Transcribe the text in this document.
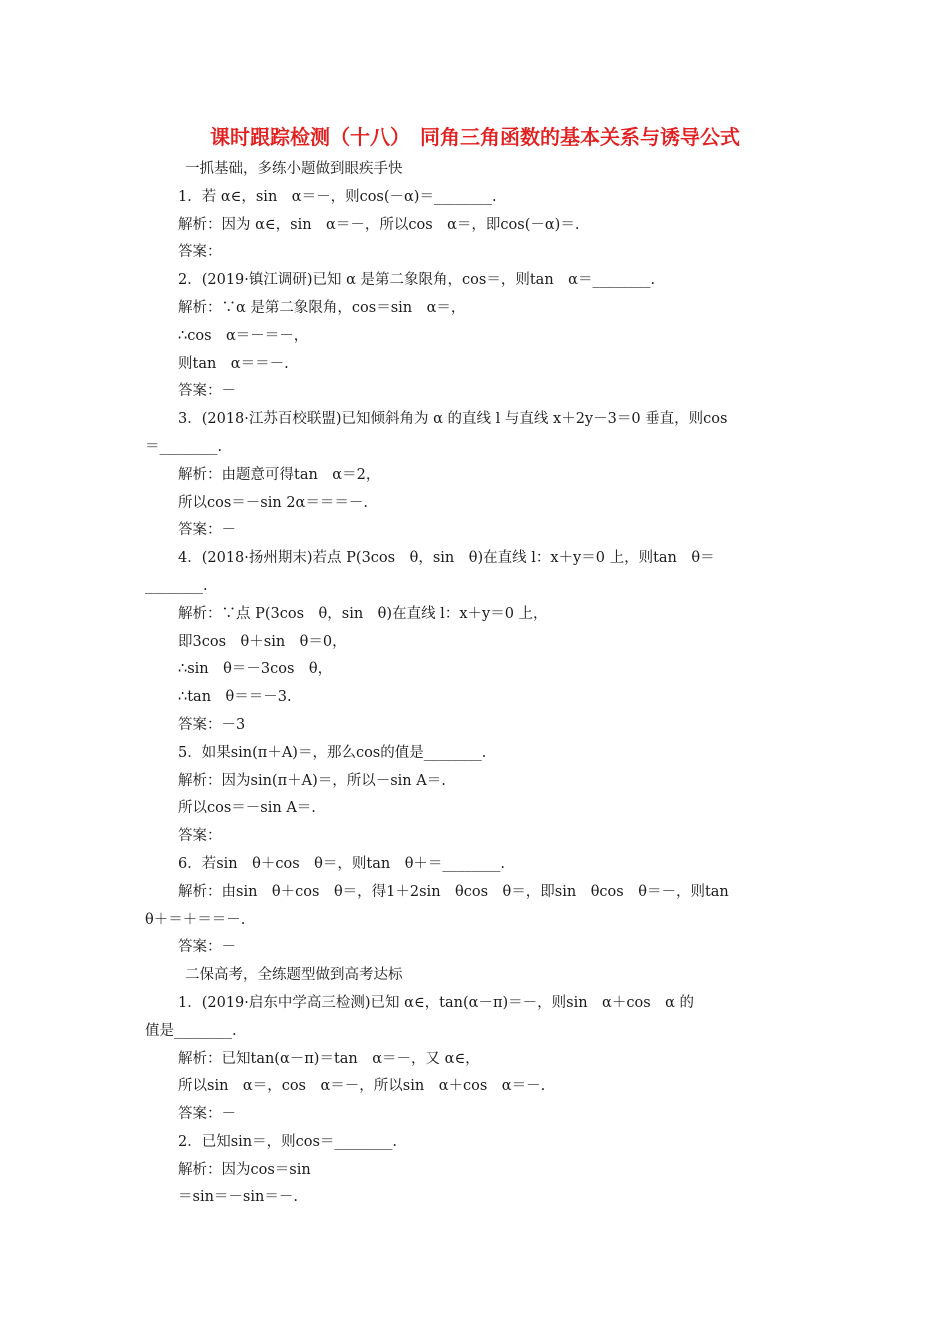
课时跟踪检测（十八）　同角三角函数的基本关系与诱导公式
一抓基础，多练小题做到眼疾手快
1．若 α∈，sin　α＝－，则cos(－α)＝________.
解析：因为 α∈，sin　α＝－，所以cos　α＝，即cos(－α)＝.
答案：
2．(2019·镇江调研)已知 α 是第二象限角，cos＝，则tan　α＝________.
解析：∵α 是第二象限角，cos＝sin　α＝，
∴cos　α＝－＝－，
则tan　α＝＝－.
答案：－
3．(2018·江苏百校联盟)已知倾斜角为 α 的直线 l 与直线 x＋2y－3＝0 垂直，则cos
＝________.
解析：由题意可得tan　α＝2，
所以cos＝－sin 2α＝＝＝－.
答案：－
4．(2018·扬州期末)若点 P(3cos　θ，sin　θ)在直线 l：x＋y＝0 上，则tan　θ＝
________.
解析：∵点 P(3cos　θ，sin　θ)在直线 l：x＋y＝0 上，
即3cos　θ＋sin　θ＝0，
∴sin　θ＝－3cos　θ，
∴tan　θ＝＝－3.
答案：－3
5．如果sin(π＋A)＝，那么cos的值是________.
解析：因为sin(π＋A)＝，所以－sin A＝.
所以cos＝－sin A＝.
答案：
6．若sin　θ＋cos　θ＝，则tan　θ＋＝________.
解析：由sin　θ＋cos　θ＝，得1＋2sin　θcos　θ＝，即sin　θcos　θ＝－，则tan
θ＋＝＋＝＝－.
答案：－
二保高考，全练题型做到高考达标
1．(2019·启东中学高三检测)已知 α∈，tan(α－π)＝－，则sin　α＋cos　α 的
值是________.
解析：已知tan(α－π)＝tan　α＝－，又 α∈，
所以sin　α＝，cos　α＝－，所以sin　α＋cos　α＝－.
答案：－
2．已知sin＝，则cos＝________.
解析：因为cos＝sin
＝sin＝－sin＝－.
